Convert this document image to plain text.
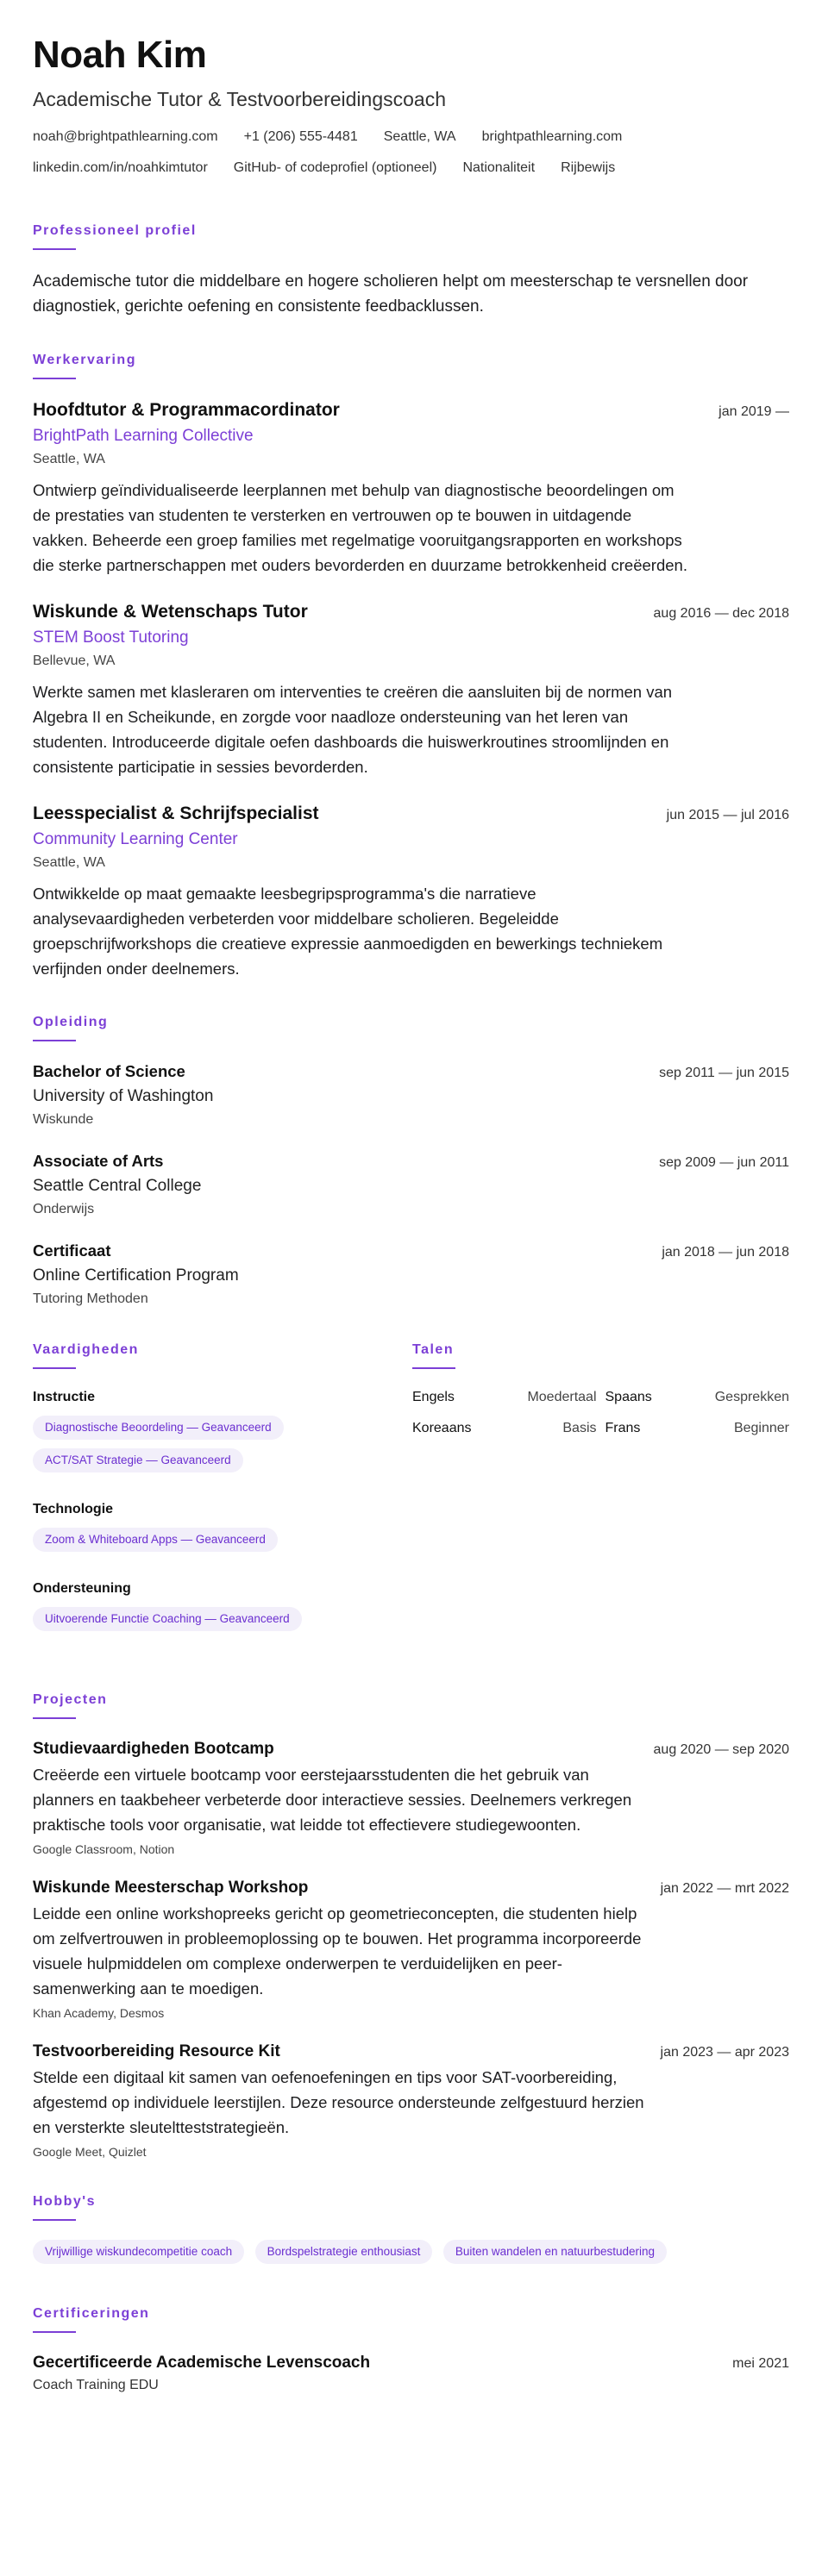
Noah Kim
Academische Tutor & Testvoorbereidingscoach
noah@brightpathlearning.com +1 (206) 555-4481 Seattle, WA brightpathlearning.com
linkedin.com/in/noahkimtutor GitHub- of codeprofiel (optioneel) Nationaliteit Rijbewijs
Professioneel profiel

Academische tutor die middelbare en hogere scholieren helpt om meesterschap te versnellen door diagnostiek, gerichte oefening en consistente feedbacklussen.

Werkervaring
Hoofdtutor & Programmacordinator	jan 2019 —
BrightPath Learning Collective
Seattle, WA
Ontwierp geïndividualiseerde leerplannen met behulp van diagnostische beoordelingen om de prestaties van studenten te versterken en vertrouwen op te bouwen in uitdagende vakken. Beheerde een groep families met regelmatige vooruitgangsrapporten en workshops die sterke partnerschappen met ouders bevorderden en duurzame betrokkenheid creëerden.
Wiskunde & Wetenschaps Tutor	aug 2016 — dec 2018
STEM Boost Tutoring
Bellevue, WA
Werkte samen met klasleraren om interventies te creëren die aansluiten bij de normen van Algebra II en Scheikunde, en zorgde voor naadloze ondersteuning van het leren van studenten. Introduceerde digitale oefen dashboards die huiswerkroutines stroomlijnden en consistente participatie in sessies bevorderden.
Leesspecialist & Schrijfspecialist	jun 2015 — jul 2016
Community Learning Center
Seattle, WA
Ontwikkelde op maat gemaakte leesbegripsprogramma's die narratieve analysevaardigheden verbeterden voor middelbare scholieren. Begeleidde groepschrijfworkshops die creatieve expressie aanmoedigden en bewerkings techniekem verfijnden onder deelnemers.
Opleiding
Bachelor of Science	sep 2011 — jun 2015
University of Washington
Wiskunde
Associate of Arts	sep 2009 — jun 2011
Seattle Central College
Onderwijs
Certificaat	jan 2018 — jun 2018
Online Certification Program
Tutoring Methoden
Vaardigheden
Instructie
Diagnostische Beoordeling — Geavanceerd
ACT/SAT Strategie — Geavanceerd
Technologie
Zoom & Whiteboard Apps — Geavanceerd
Ondersteuning
Uitvoerende Functie Coaching — Geavanceerd
Talen
Engels	Moedertaal Spaans	Gesprekken
Koreaans	Basis Frans	Beginner
Projecten
Studievaardigheden Bootcamp	aug 2020 — sep 2020
Creëerde een virtuele bootcamp voor eerstejaarsstudenten die het gebruik van planners en taakbeheer verbeterde door interactieve sessies. Deelnemers verkregen praktische tools voor organisatie, wat leidde tot effectievere studiegewoonten.
Google Classroom, Notion
Wiskunde Meesterschap Workshop	jan 2022 — mrt 2022
Leidde een online workshopreeks gericht op geometrieconcepten, die studenten hielp om zelfvertrouwen in probleemoplossing op te bouwen. Het programma incorporeerde visuele hulpmiddelen om complexe onderwerpen te verduidelijken en peer-samenwerking aan te moedigen.
Khan Academy, Desmos
Testvoorbereiding Resource Kit	jan 2023 — apr 2023
Stelde een digitaal kit samen van oefenoefeningen en tips voor SAT-voorbereiding, afgestemd op individuele leerstijlen. Deze resource ondersteunde zelfgestuurd herzien en versterkte sleuteltteststrategieën.
Google Meet, Quizlet
Hobby's
Vrijwillige wiskundecompetitie coach	Bordspelstrategie enthousiast	Buiten wandelen en natuurbestudering
Certificeringen
Gecertificeerde Academische Levenscoach	mei 2021
Coach Training EDU
